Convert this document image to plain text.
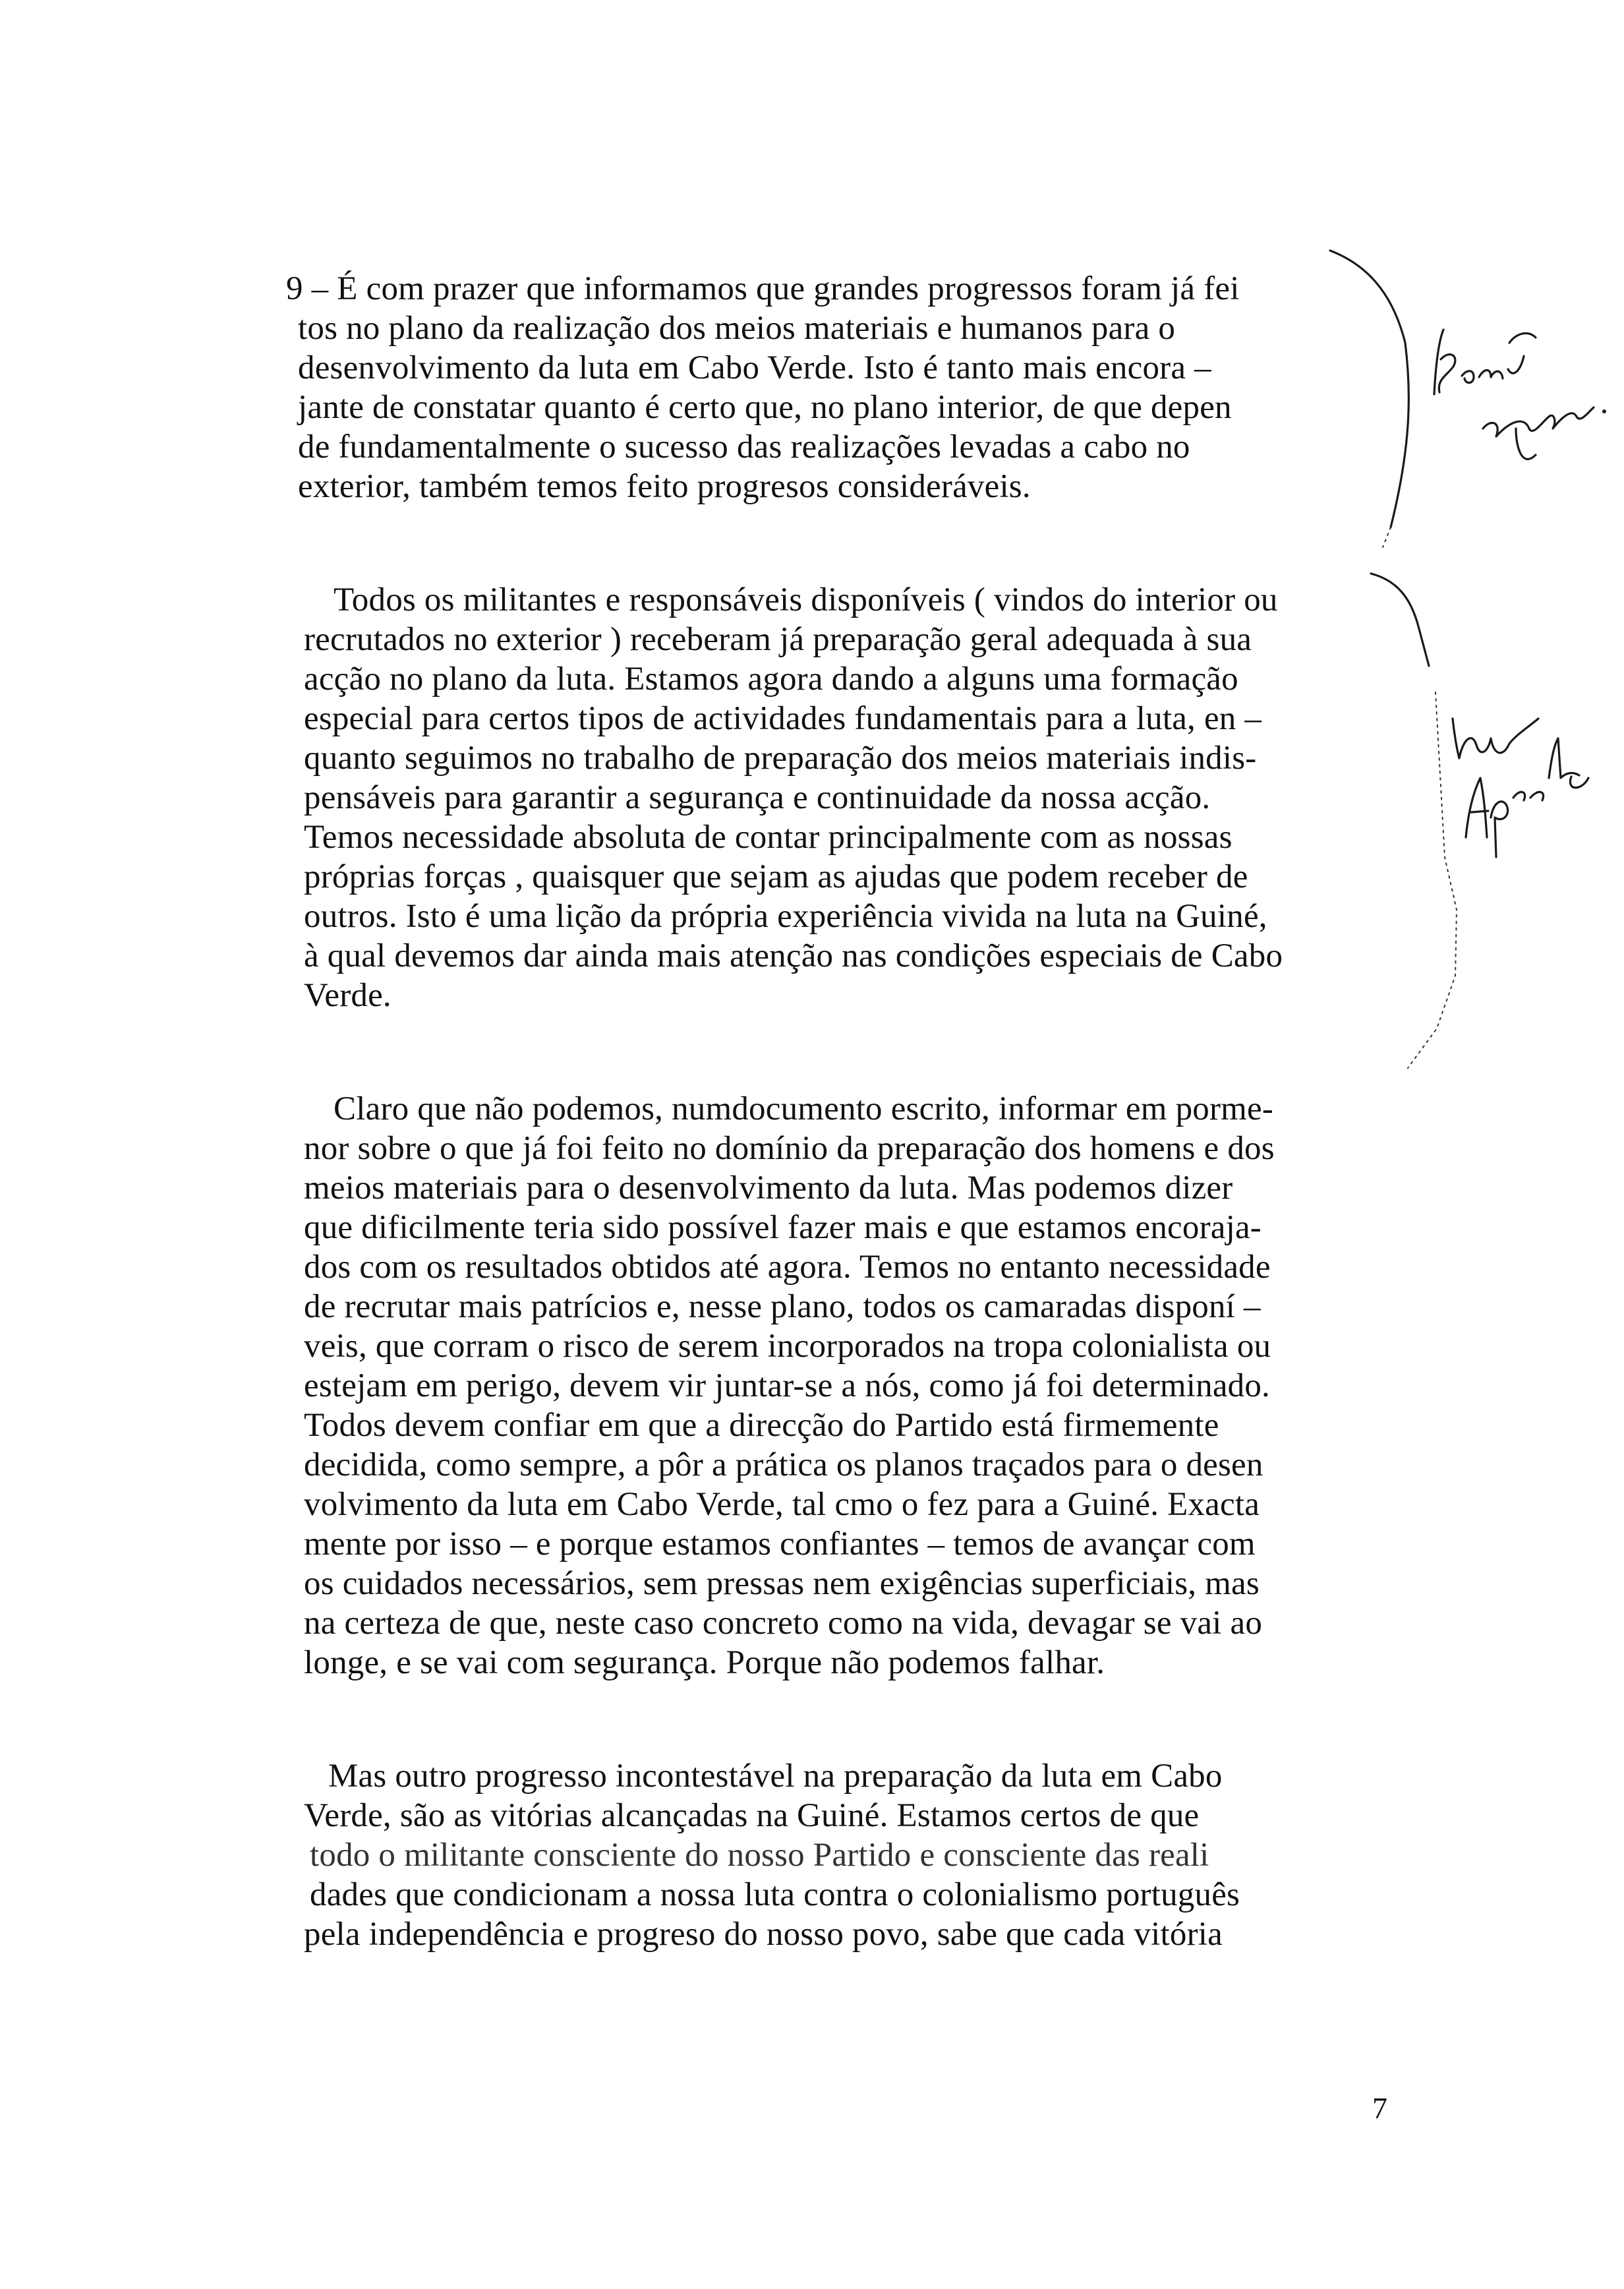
9 – É com prazer que informamos que grandes progressos foram já fei
tos no plano da realização dos meios materiais e humanos para o
desenvolvimento da luta em Cabo Verde. Isto é tanto mais encora –
jante de constatar quanto é certo que, no plano interior, de que depen
de fundamentalmente o sucesso das realizações levadas a cabo no
exterior, também temos feito progresos consideráveis.
Todos os militantes e responsáveis disponíveis ( vindos do interior ou
recrutados no exterior ) receberam já preparação geral adequada à sua
acção no plano da luta. Estamos agora dando a alguns uma formação
especial para certos tipos de actividades fundamentais para a luta, en –
quanto seguimos no trabalho de preparação dos meios materiais indis-
pensáveis para garantir a segurança e continuidade da nossa acção.
Temos necessidade absoluta de contar principalmente com as nossas
próprias forças , quaisquer que sejam as ajudas que podem receber de
outros. Isto é uma lição da própria experiência vivida na luta na Guiné,
à qual devemos dar ainda mais atenção nas condições especiais de Cabo
Verde.
Claro que não podemos, numdocumento escrito, informar em porme-
nor sobre o que já foi feito no domínio da preparação dos homens e dos
meios materiais para o desenvolvimento da luta. Mas podemos dizer
que dificilmente teria sido possível fazer mais e que estamos encoraja-
dos com os resultados obtidos até agora. Temos no entanto necessidade
de recrutar mais patrícios e, nesse plano, todos os camaradas disponí –
veis, que corram o risco de serem incorporados na tropa colonialista ou
estejam em perigo, devem vir juntar-se a nós, como já foi determinado.
Todos devem confiar em que a direcção do Partido está firmemente
decidida, como sempre, a pôr a prática os planos traçados para o desen
volvimento da luta em Cabo Verde, tal cmo o fez para a Guiné. Exacta
mente por isso – e porque estamos confiantes – temos de avançar com
os cuidados necessários, sem pressas nem exigências superficiais, mas
na certeza de que, neste caso concreto como na vida, devagar se vai ao
longe, e se vai com segurança. Porque não podemos falhar.
Mas outro progresso incontestável na preparação da luta em Cabo
Verde, são as vitórias alcançadas na Guiné. Estamos certos de que
todo o militante consciente do nosso Partido e consciente das reali
dades que condicionam a nossa luta contra o colonialismo português
pela independência e progreso do nosso povo, sabe que cada vitória
7
